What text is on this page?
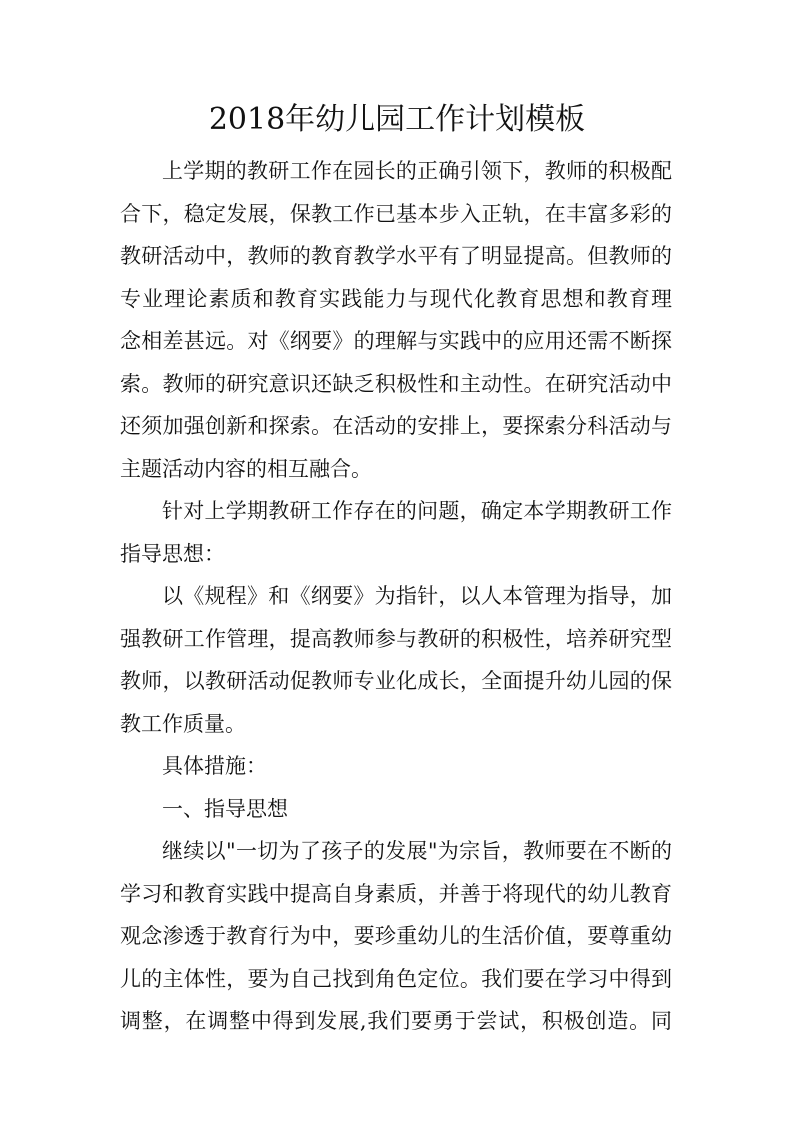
2018年幼儿园工作计划模板
上学期的教研工作在园长的正确引领下，教师的积极配
合下，稳定发展，保教工作已基本步入正轨，在丰富多彩的
教研活动中，教师的教育教学水平有了明显提高。但教师的
专业理论素质和教育实践能力与现代化教育思想和教育理
念相差甚远。对《纲要》的理解与实践中的应用还需不断探
索。教师的研究意识还缺乏积极性和主动性。在研究活动中
还须加强创新和探索。在活动的安排上，要探索分科活动与
主题活动内容的相互融合。
针对上学期教研工作存在的问题，确定本学期教研工作
指导思想：
以《规程》和《纲要》为指针，以人本管理为指导，加
强教研工作管理，提高教师参与教研的积极性，培养研究型
教师，以教研活动促教师专业化成长，全面提升幼儿园的保
教工作质量。
具体措施：
一、指导思想
继续以"一切为了孩子的发展"为宗旨，教师要在不断的
学习和教育实践中提高自身素质，并善于将现代的幼儿教育
观念渗透于教育行为中，要珍重幼儿的生活价值，要尊重幼
儿的主体性，要为自己找到角色定位。我们要在学习中得到
调整，在调整中得到发展,我们要勇于尝试，积极创造。同
